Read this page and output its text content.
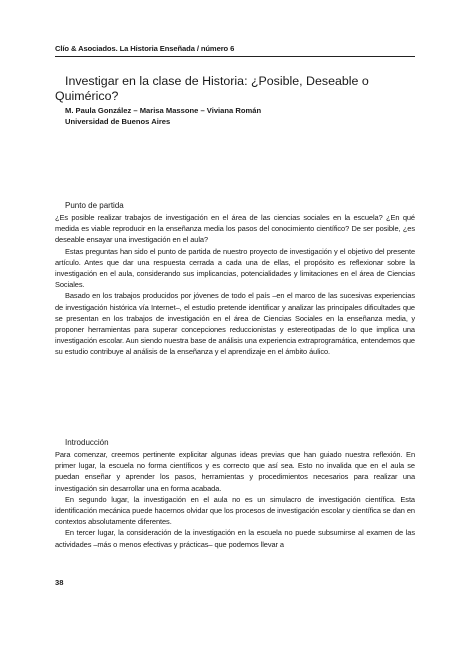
Clío & Asociados. La Historia Enseñada / número 6
Investigar en la clase de Historia: ¿Posible, Deseable o Quimérico?
M. Paula González – Marisa Massone – Viviana Román
Universidad de Buenos Aires
Punto de partida

¿Es posible realizar trabajos de investigación en el área de las ciencias sociales en la escuela? ¿En qué medida es viable reproducir en la enseñanza media los pasos del conocimiento científico? De ser posible, ¿es deseable ensayar una investigación en el aula?

Estas preguntas han sido el punto de partida de nuestro proyecto de investigación y el objetivo del presente artículo. Antes que dar una respuesta cerrada a cada una de ellas, el propósito es reflexionar sobre la investigación en el aula, considerando sus implicancias, potencialidades y limitaciones en el área de Ciencias Sociales.

Basado en los trabajos producidos por jóvenes de todo el país –en el marco de las sucesivas experiencias de investigación histórica vía Internet–, el estudio pretende identificar y analizar las principales dificultades que se presentan en los trabajos de investigación en el área de Ciencias Sociales en la enseñanza media, y proponer herramientas para superar concepciones reduccionistas y estereotipadas de lo que implica una investigación escolar. Aun siendo nuestra base de análisis una experiencia extraprogramática, entendemos que su estudio contribuye al análisis de la enseñanza y el aprendizaje en el ámbito áulico.

Introducción

Para comenzar, creemos pertinente explicitar algunas ideas previas que han guiado nuestra reflexión. En primer lugar, la escuela no forma científicos y es correcto que así sea. Esto no invalida que en el aula se puedan enseñar y aprender los pasos, herramientas y procedimientos necesarios para realizar una investigación sin desarrollar una en forma acabada.

En segundo lugar, la investigación en el aula no es un simulacro de investigación científica. Esta identificación mecánica puede hacernos olvidar que los procesos de investigación escolar y científica se dan en contextos absolutamente diferentes.

En tercer lugar, la consideración de la investigación en la escuela no puede subsumirse al examen de las actividades –más o menos efectivas y prácticas– que podemos llevar a

38
